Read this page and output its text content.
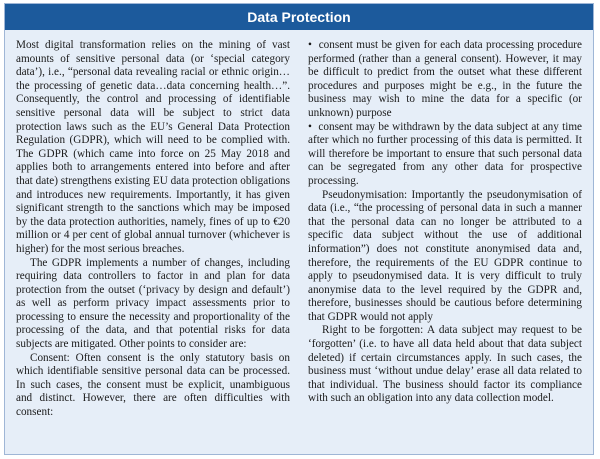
Data Protection

Most digital transformation relies on the mining of vast amounts of sensitive personal data (or ‘special category data’), i.e., “personal data revealing racial or ethnic origin… the processing of genetic data…data concerning health…”. Consequently, the control and processing of identifiable sensitive personal data will be subject to strict data protection laws such as the EU’s General Data Protection Regulation (GDPR), which will need to be complied with. The GDPR (which came into force on 25 May 2018 and applies both to arrangements entered into before and after that date) strengthens existing EU data protection obligations and introduces new requirements. Importantly, it has given significant strength to the sanctions which may be imposed by the data protection authorities, namely, fines of up to €20 million or 4 per cent of global annual turnover (whichever is higher) for the most serious breaches.

The GDPR implements a number of changes, including requiring data controllers to factor in and plan for data protection from the outset (‘privacy by design and default’) as well as perform privacy impact assessments prior to processing to ensure the necessity and proportionality of the processing of the data, and that potential risks for data subjects are mitigated. Other points to consider are:

Consent: Often consent is the only statutory basis on which identifiable sensitive personal data can be processed. In such cases, the consent must be explicit, unambiguous and distinct. However, there are often difficulties with consent:

•  consent must be given for each data processing procedure performed (rather than a general consent). However, it may be difficult to predict from the outset what these different procedures and purposes might be e.g., in the future the business may wish to mine the data for a specific (or unknown) purpose

•  consent may be withdrawn by the data subject at any time after which no further processing of this data is permitted. It will therefore be important to ensure that such personal data can be segregated from any other data for prospective processing.

Pseudonymisation: Importantly the pseudonymisation of data (i.e., “the processing of personal data in such a manner that the personal data can no longer be attributed to a specific data subject without the use of additional information”) does not constitute anonymised data and, therefore, the requirements of the EU GDPR continue to apply to pseudonymised data. It is very difficult to truly anonymise data to the level required by the GDPR and, therefore, businesses should be cautious before determining that GDPR would not apply

Right to be forgotten: A data subject may request to be ‘forgotten’ (i.e. to have all data held about that data subject deleted) if certain circumstances apply. In such cases, the business must ‘without undue delay’ erase all data related to that individual. The business should factor its compliance with such an obligation into any data collection model.
